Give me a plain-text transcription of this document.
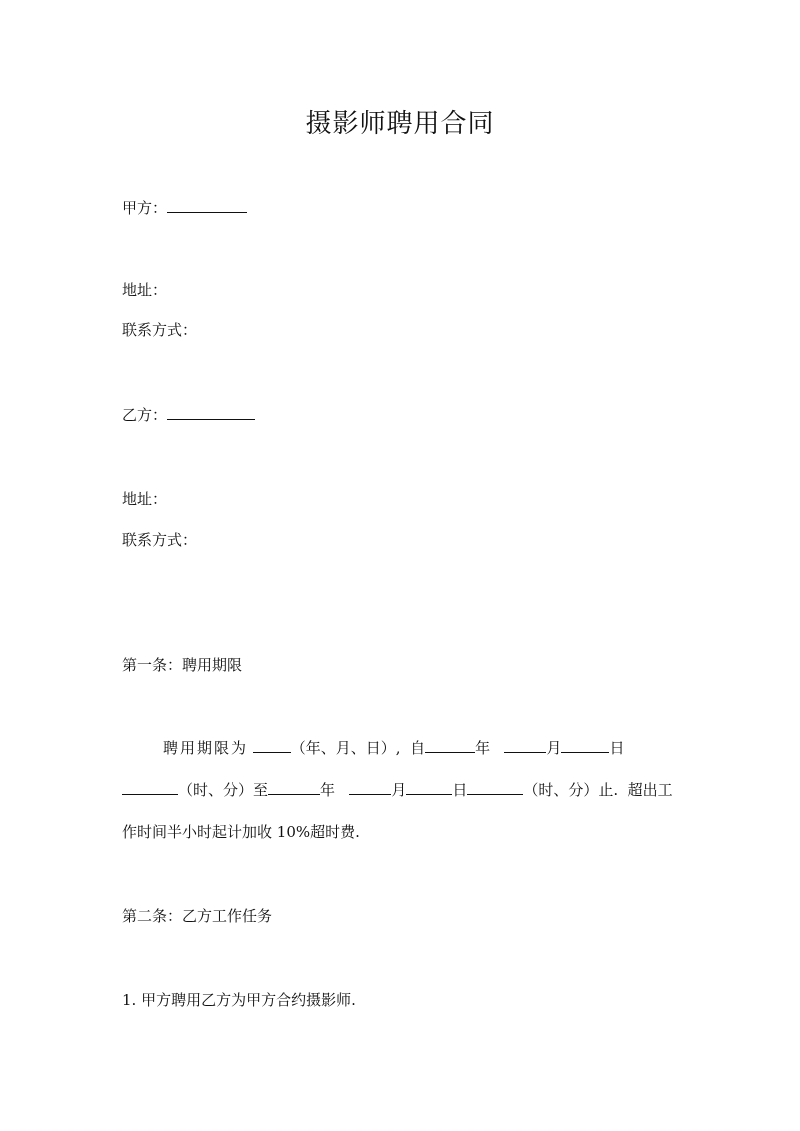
摄影师聘用合同
甲方：
地址：
联系方式：
乙方：
地址：
联系方式：
第一条：聘用期限
聘用期限为	（年、月、日）,  自	年	月	日
（时、分）至	年	月	日	（时、分）止.  超出工
作时间半小时起计加收 10%超时费.
第二条：乙方工作任务
1. 甲方聘用乙方为甲方合约摄影师.
